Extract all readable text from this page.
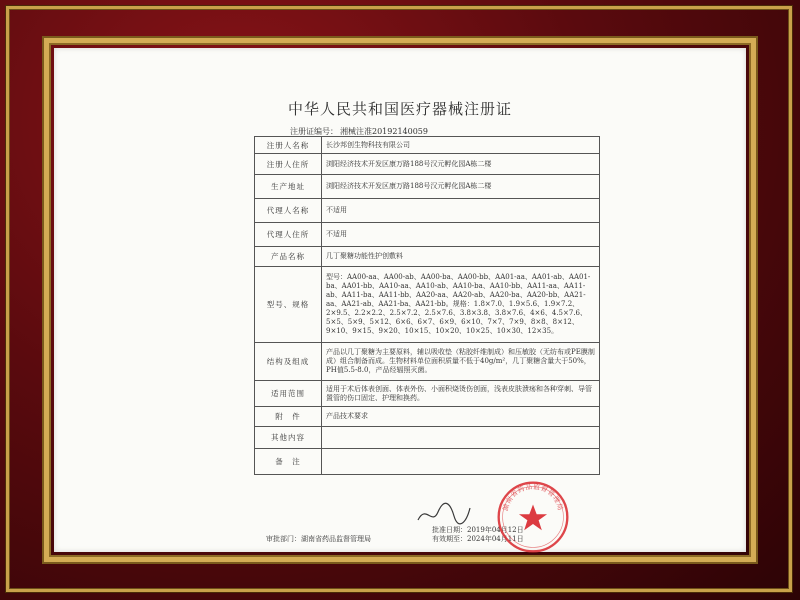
中华人民共和国医疗器械注册证
注册证编号： 湘械注准20192140059
注册人名称	长沙邦创生物科技有限公司
注册人住所	浏阳经济技术开发区康万路188号汉元孵化园A栋二楼
生产地址	浏阳经济技术开发区康万路188号汉元孵化园A栋二楼
代理人名称	不适用
代理人住所	不适用
产品名称	几丁聚糖功能性护创敷料
型号、规格	型号：AA00-aa、AA00-ab、AA00-ba、AA00-bb、AA01-aa、AA01-ab、AA01-ba、AA01-bb、AA10-aa、AA10-ab、AA10-ba、AA10-bb、AA11-aa、AA11-ab、AA11-ba、AA11-bb、AA20-aa、AA20-ab、AA20-ba、AA20-bb、AA21-aa、AA21-ab、AA21-ba、AA21-bb。规格：1.8×7.0、1.9×5.6、1.9×7.2、2×9.5、2.2×2.2、2.5×7.2、2.5×7.6、3.8×3.8、3.8×7.6、4×6、4.5×7.6、5×5、5×9、5×12、6×6、6×7、6×9、6×10、7×7、7×9、8×8、8×12、9×10、9×15、9×20、10×15、10×20、10×25、10×30、12×35。
结构及组成	产品以几丁聚糖为主要原料，辅以吸收垫（粘胶纤维制成）和压敏胶（无纺布或PE膜制成）组合制备而成。生物材料单位面积质量不低于40g/m²，几丁聚糖含量大于50%，PH值5.5-8.0，产品经辐照灭菌。
适用范围	适用于术后体表创面、体表外伤、小面积烧烫伤创面，浅表皮肤溃疡和各种穿刺、导管置管的伤口固定、护理和换药。
附　件	产品技术要求
其他内容	
备　注	
审批部门：湖南省药品监督管理局
批准日期：2019年04月12日
有效期至：2024年04月11日
湖南省药品监督管理局
